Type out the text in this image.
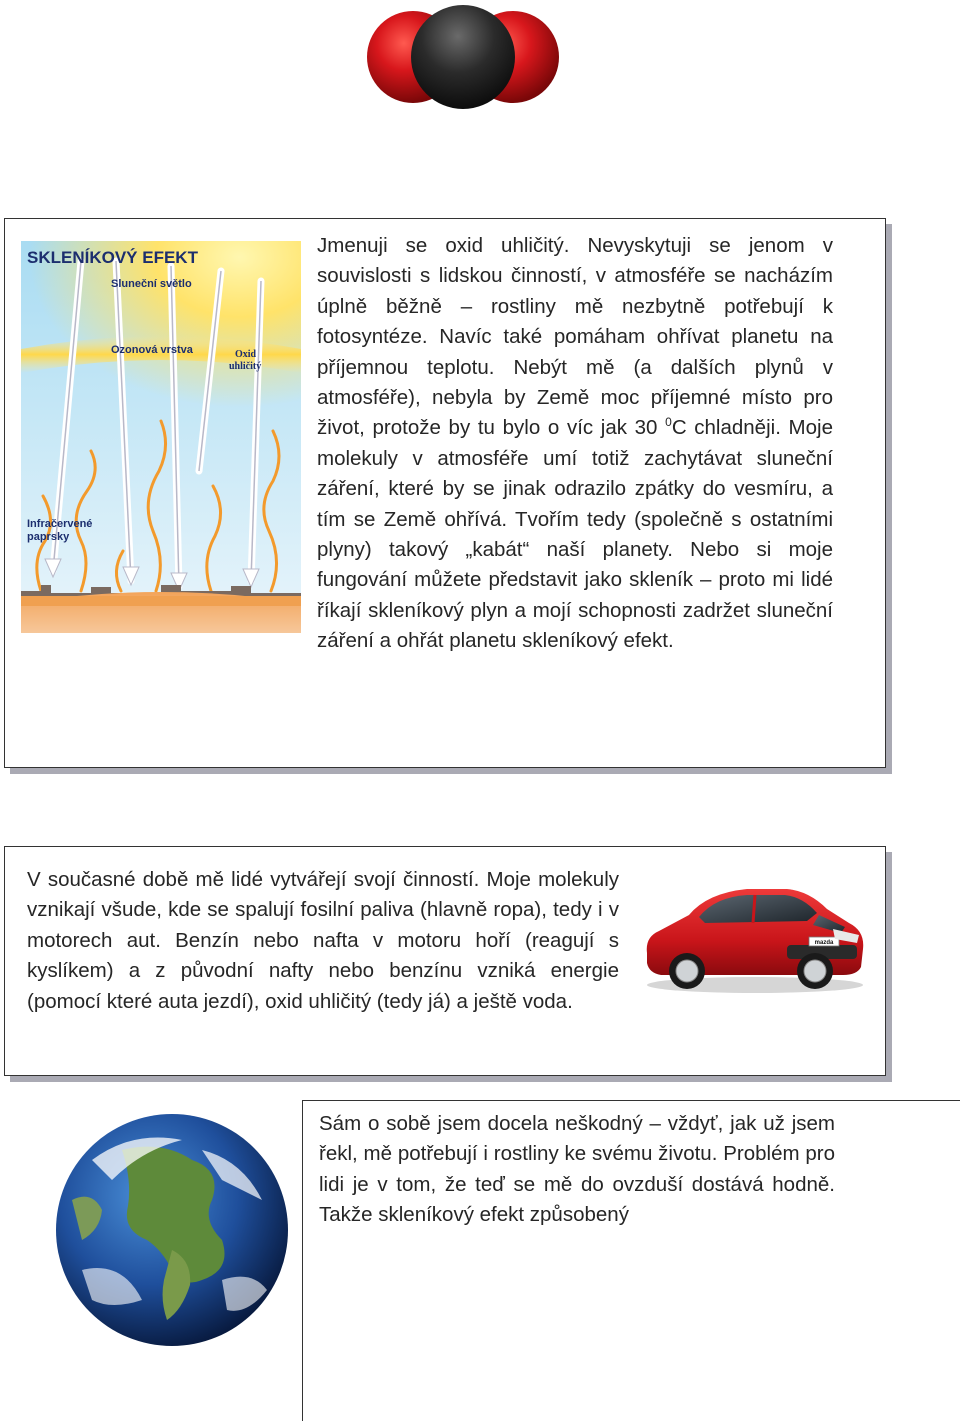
SKLENÍKOVÝ EFEKT
Sluneční světlo
Ozonová vrstva	Oxid
uhličitý
Infračervené
paprsky

Jmenuji se oxid uhličitý. Nevyskytuji se jenom v souvislosti s lidskou činností, v atmosféře se nacházím úplně běžně – rostliny mě nezbytně potřebují k fotosyntéze. Navíc také pomáham ohřívat planetu na příjemnou teplotu. Nebýt mě (a dalších plynů v atmosféře), nebyla by Země moc příjemné místo pro život, protože by tu bylo o víc jak 30 $^0$C chladněji. Moje molekuly v atmosféře umí totiž zachytávat sluneční záření, které by se jinak odrazilo zpátky do vesmíru, a tím se Země ohřívá. Tvořím tedy (společně s ostatními plyny) takový „kabát“ naší planety. Nebo si moje fungování můžete představit jako skleník – proto mi lidé říkají skleníkový plyn a mojí schopnosti zadržet sluneční záření a ohřát planetu skleníkový efekt.

V současné době mě lidé vytvářejí svojí činností. Moje molekuly vznikají všude, kde se spalují fosilní paliva (hlavně ropa), tedy i v motorech aut. Benzín nebo nafta v motoru hoří (reagují s kyslíkem) a z původní nafty nebo benzínu vzniká energie (pomocí které auta jezdí), oxid uhličitý (tedy já) a ještě voda.

mazda

Sám o sobě jsem docela neškodný – vždyť, jak už jsem řekl, mě potřebují i rostliny ke svému životu. Problém pro lidi je v tom, že teď se mě do ovzduší dostává hodně. Takže skleníkový efekt způsobený
